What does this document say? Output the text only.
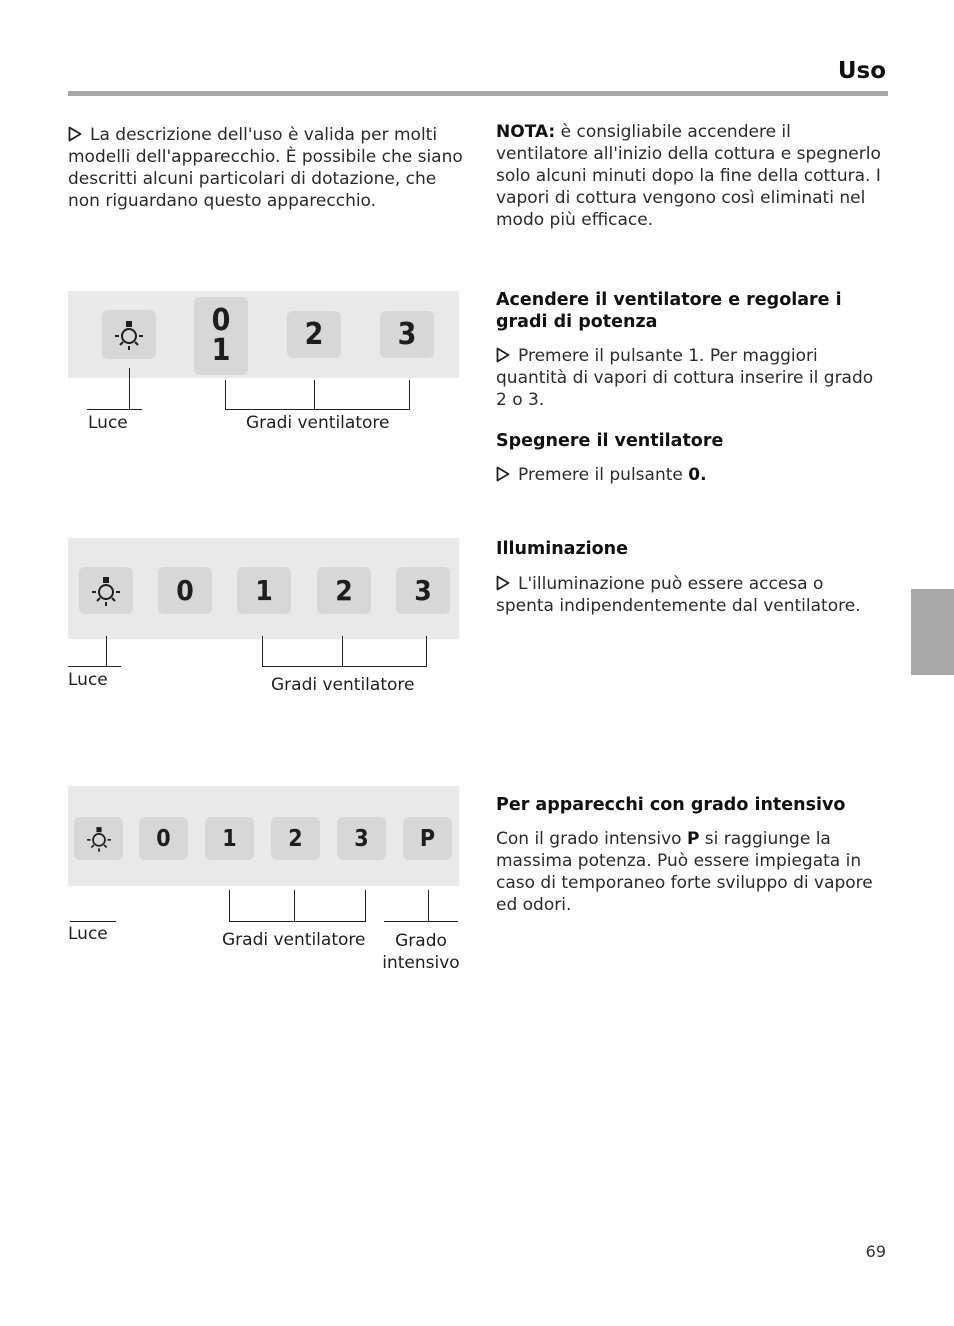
Uso
La descrizione dell'uso è valida per molti modelli dell'apparecchio. È possibile che siano descritti alcuni particolari di dotazione, che non riguardano questo apparecchio.
NOTA: è consigliabile accendere il ventilatore all'inizio della cottura e spegnerlo solo alcuni minuti dopo la fine della cottura. I vapori di cottura vengono così eliminati nel modo più efficace.
Acendere il ventilatore e regolare i gradi di potenza
Premere il pulsante 1. Per maggiori quantità di vapori di cottura inserire il grado 2 o 3.
Spegnere il ventilatore
Premere il pulsante 0.
Illuminazione
L'illuminazione può essere accesa o spenta indipendentemente dal ventilatore.
Per apparecchi con grado intensivo
Con il grado intensivo P si raggiunge la massima potenza. Può essere impiegata in caso di temporaneo forte sviluppo di vapore ed odori.
0
1	2	3
Luce	Gradi ventilatore
0	1	2	3
Luce	Gradi ventilatore
0	1	2	3	P
Luce	Gradi ventilatore	Grado
intensivo
69
